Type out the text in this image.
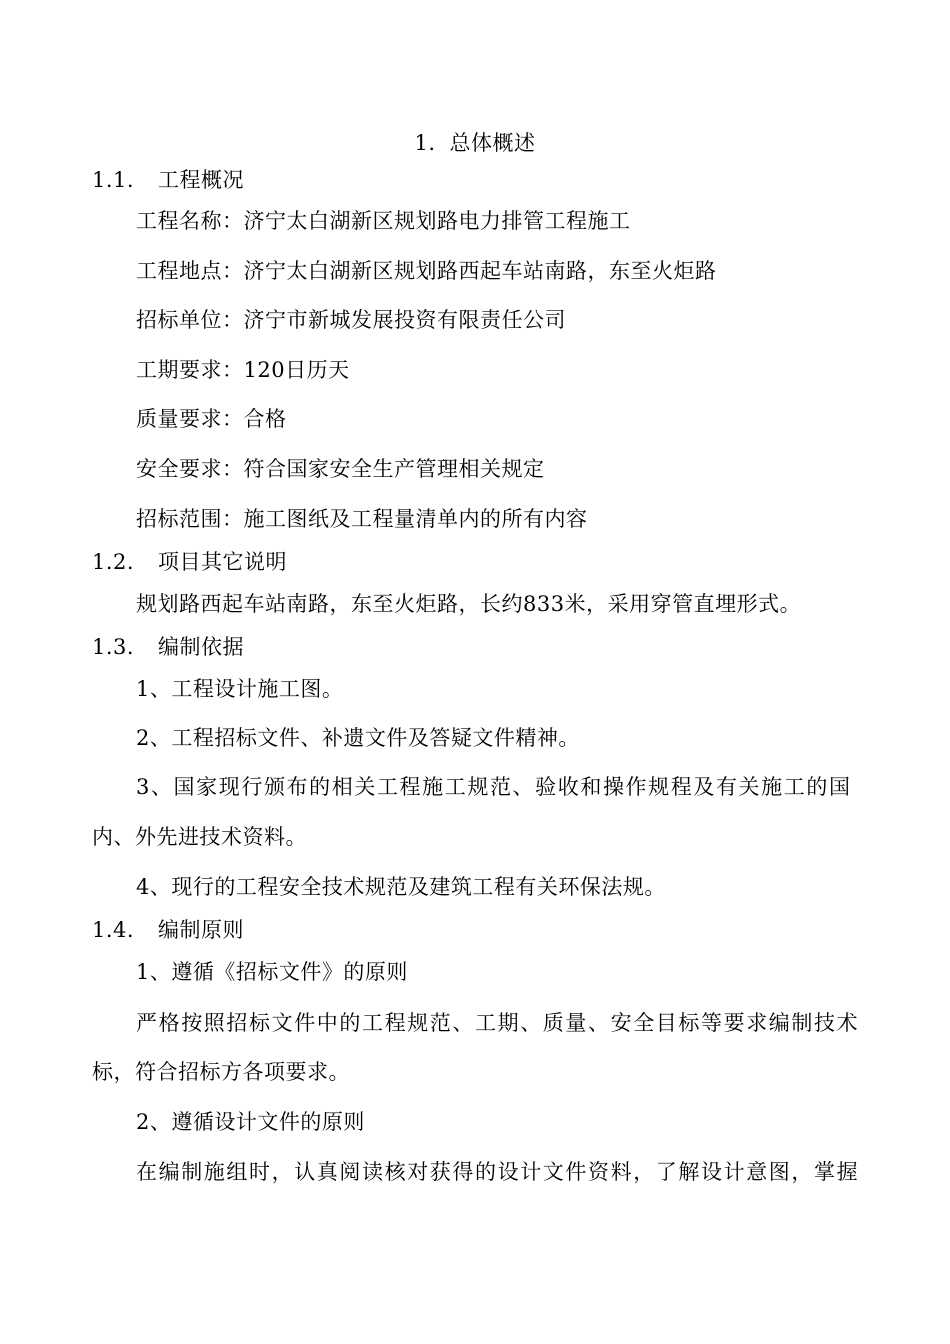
1. 总体概述
1.1. 工程概况
工程名称：济宁太白湖新区规划路电力排管工程施工
工程地点：济宁太白湖新区规划路西起车站南路，东至火炬路
招标单位：济宁市新城发展投资有限责任公司
工期要求：120日历天
质量要求：合格
安全要求：符合国家安全生产管理相关规定
招标范围：施工图纸及工程量清单内的所有内容
1.2. 项目其它说明
规划路西起车站南路，东至火炬路，长约833米，采用穿管直埋形式。
1.3. 编制依据
1、工程设计施工图。
2、工程招标文件、补遗文件及答疑文件精神。
3、国家现行颁布的相关工程施工规范、验收和操作规程及有关施工的国
内、外先进技术资料。
4、现行的工程安全技术规范及建筑工程有关环保法规。
1.4. 编制原则
1、遵循《招标文件》的原则
严格按照招标文件中的工程规范、工期、质量、安全目标等要求编制技术
标，符合招标方各项要求。
2、遵循设计文件的原则
在编制施组时，认真阅读核对获得的设计文件资料，了解设计意图，掌握
